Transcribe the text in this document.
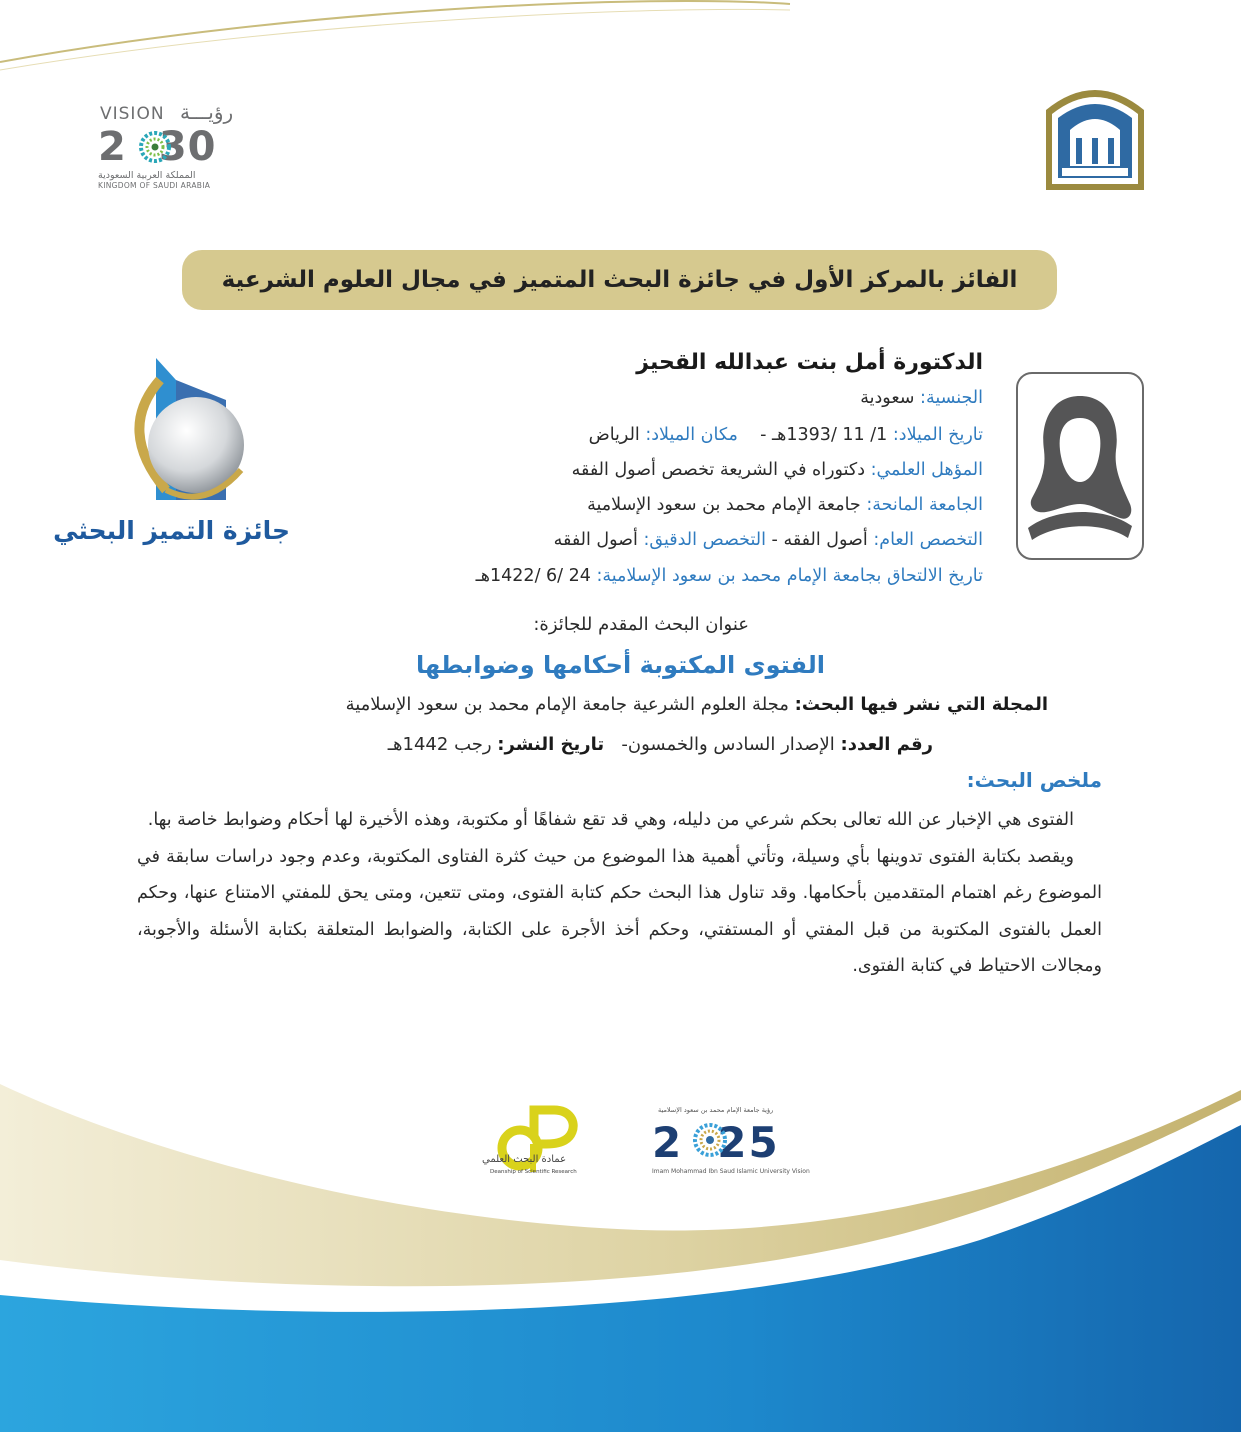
VISION رؤيـــة
2 30
المملكة العربية السعودية
KINGDOM OF SAUDI ARABIA
جائزة التميز البحثي
الفائز بالمركز الأول في جائزة البحث المتميز في مجال العلوم الشرعية
الدكتورة أمل بنت عبدالله القحيز
الجنسية: سعودية
تاريخ الميلاد: 1/ 11 /1393هـ -    مكان الميلاد: الرياض
المؤهل العلمي: دكتوراه في الشريعة تخصص أصول الفقه
الجامعة المانحة: جامعة الإمام محمد بن سعود الإسلامية
التخصص العام: أصول الفقه - التخصص الدقيق: أصول الفقه
تاريخ الالتحاق بجامعة الإمام محمد بن سعود الإسلامية: 24 /6 /1422هـ
عنوان البحث المقدم للجائزة:
الفتوى المكتوبة أحكامها وضوابطها
المجلة التي نشر فيها البحث: مجلة العلوم الشرعية جامعة الإمام محمد بن سعود الإسلامية
رقم العدد: الإصدار السادس والخمسون-   تاريخ النشر: رجب 1442هـ
ملخص البحث:

الفتوى هي الإخبار عن الله تعالى بحكم شرعي من دليله، وهي قد تقع شفاهًا أو مكتوبة، وهذه الأخيرة لها أحكام وضوابط خاصة بها.

ويقصد بكتابة الفتوى تدوينها بأي وسيلة، وتأتي أهمية هذا الموضوع من حيث كثرة الفتاوى المكتوبة، وعدم وجود دراسات سابقة في الموضوع رغم اهتمام المتقدمين بأحكامها. وقد تناول هذا البحث حكم كتابة الفتوى، ومتى تتعين، ومتى يحق للمفتي الامتناع عنها، وحكم العمل بالفتوى المكتوبة من قبل المفتي أو المستفتي، وحكم أخذ الأجرة على الكتابة، والضوابط المتعلقة بكتابة الأسئلة والأجوبة، ومجالات الاحتياط في كتابة الفتوى.

عمادة البحث العلمي
Deanship of Scientific Research
رؤية جامعة الإمام محمد بن سعود الإسلامية
2 25
Imam Mohammad Ibn Saud Islamic University Vision
